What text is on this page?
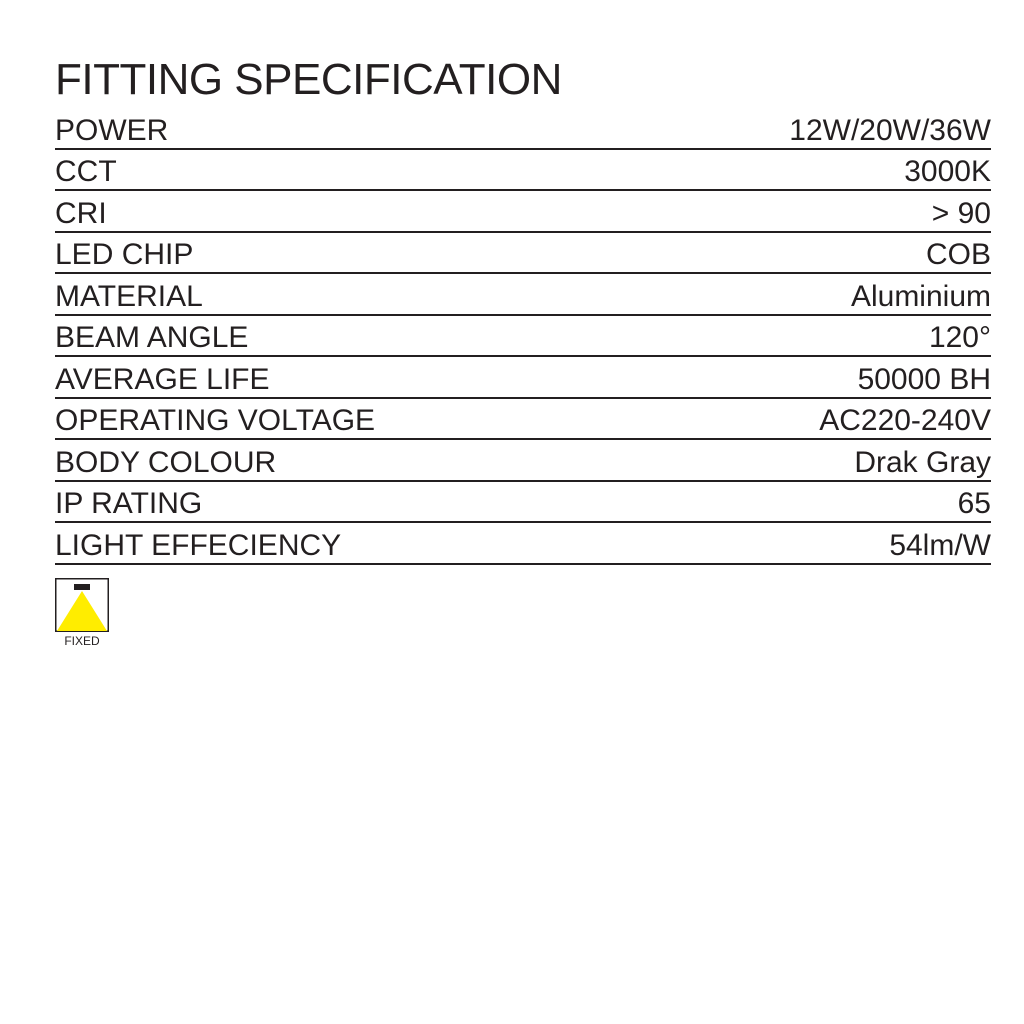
FITTING SPECIFICATION
POWER	12W/20W/36W
CCT	3000K
CRI	> 90
LED CHIP	COB
MATERIAL	Aluminium
BEAM ANGLE	120°
AVERAGE LIFE	50000 BH
OPERATING VOLTAGE	AC220-240V
BODY COLOUR	Drak Gray
IP RATING	65
LIGHT EFFECIENCY	54lm/W
FIXED
